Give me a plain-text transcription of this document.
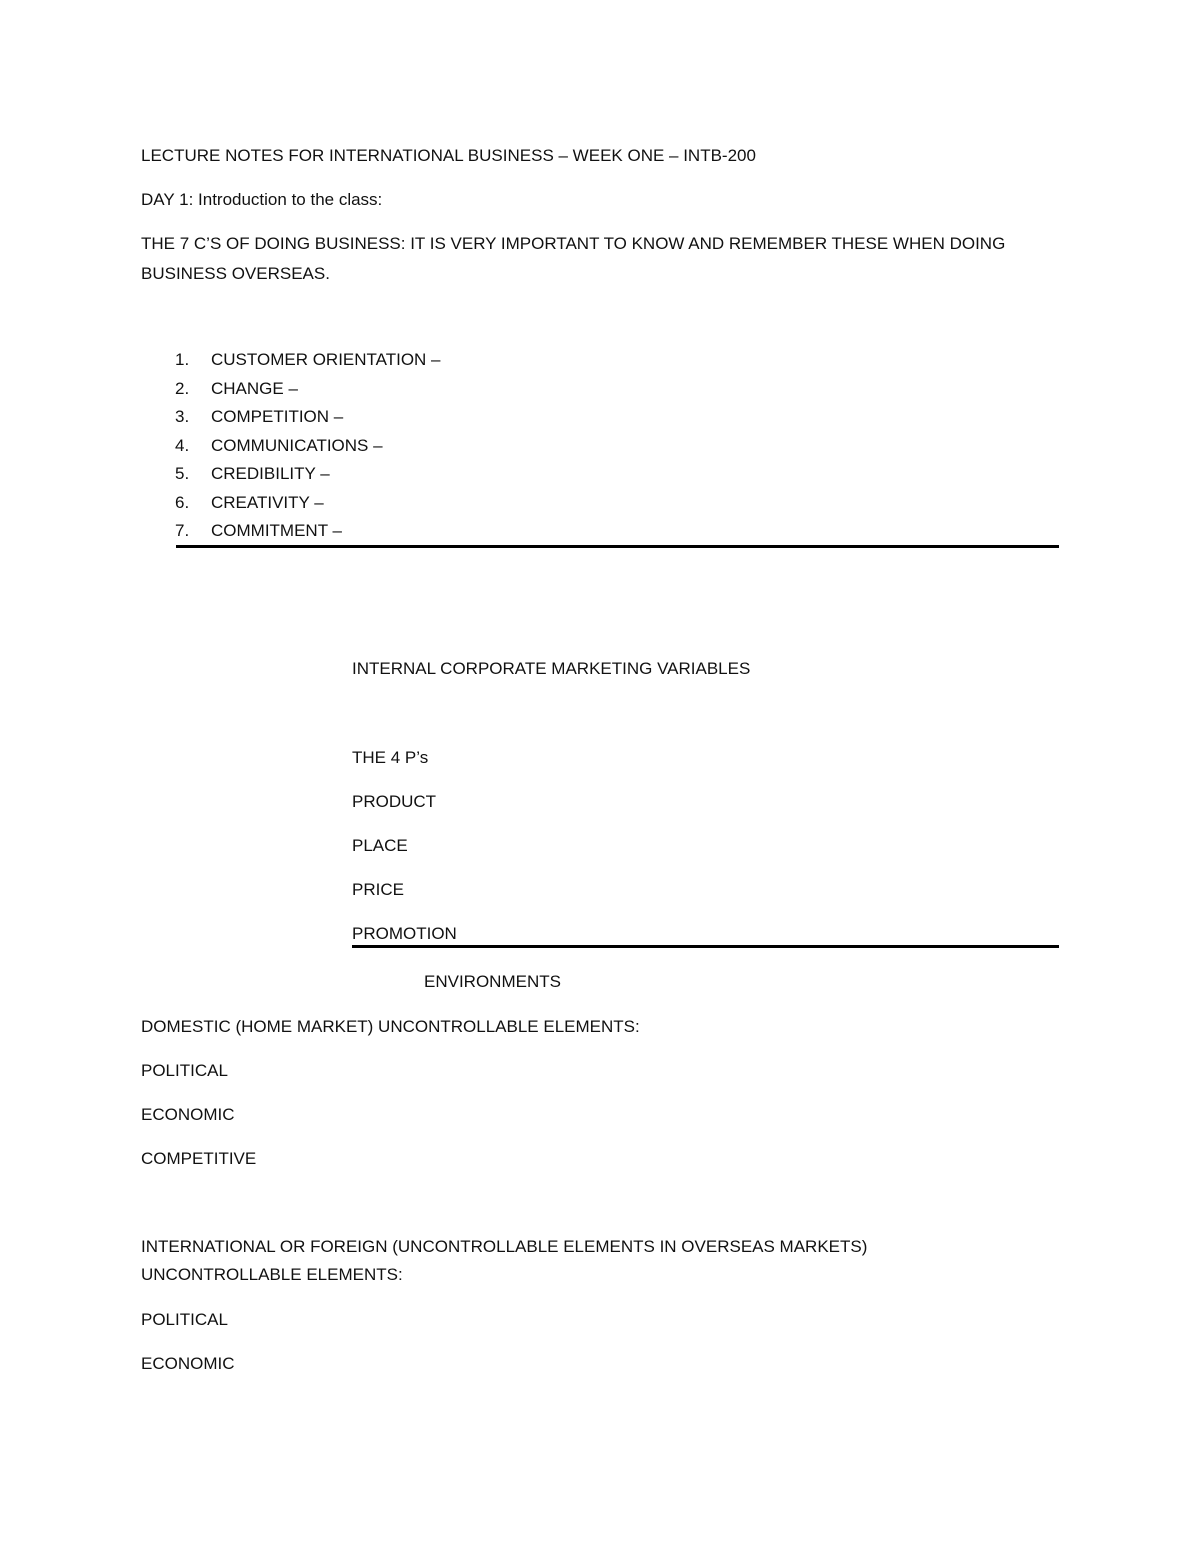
LECTURE NOTES FOR INTERNATIONAL BUSINESS – WEEK ONE – INTB-200
DAY 1: Introduction to the class:
THE 7 C’S OF DOING BUSINESS: IT IS VERY IMPORTANT TO KNOW AND REMEMBER THESE WHEN DOING BUSINESS OVERSEAS.
1. CUSTOMER ORIENTATION –
2. CHANGE –
3. COMPETITION –
4. COMMUNICATIONS –
5. CREDIBILITY –
6. CREATIVITY –
7. COMMITMENT –
INTERNAL CORPORATE MARKETING VARIABLES
THE 4 P’s
PRODUCT
PLACE
PRICE
PROMOTION
ENVIRONMENTS
DOMESTIC (HOME MARKET) UNCONTROLLABLE ELEMENTS:
POLITICAL
ECONOMIC
COMPETITIVE
INTERNATIONAL OR FOREIGN (UNCONTROLLABLE ELEMENTS IN OVERSEAS MARKETS) UNCONTROLLABLE ELEMENTS:
POLITICAL
ECONOMIC
